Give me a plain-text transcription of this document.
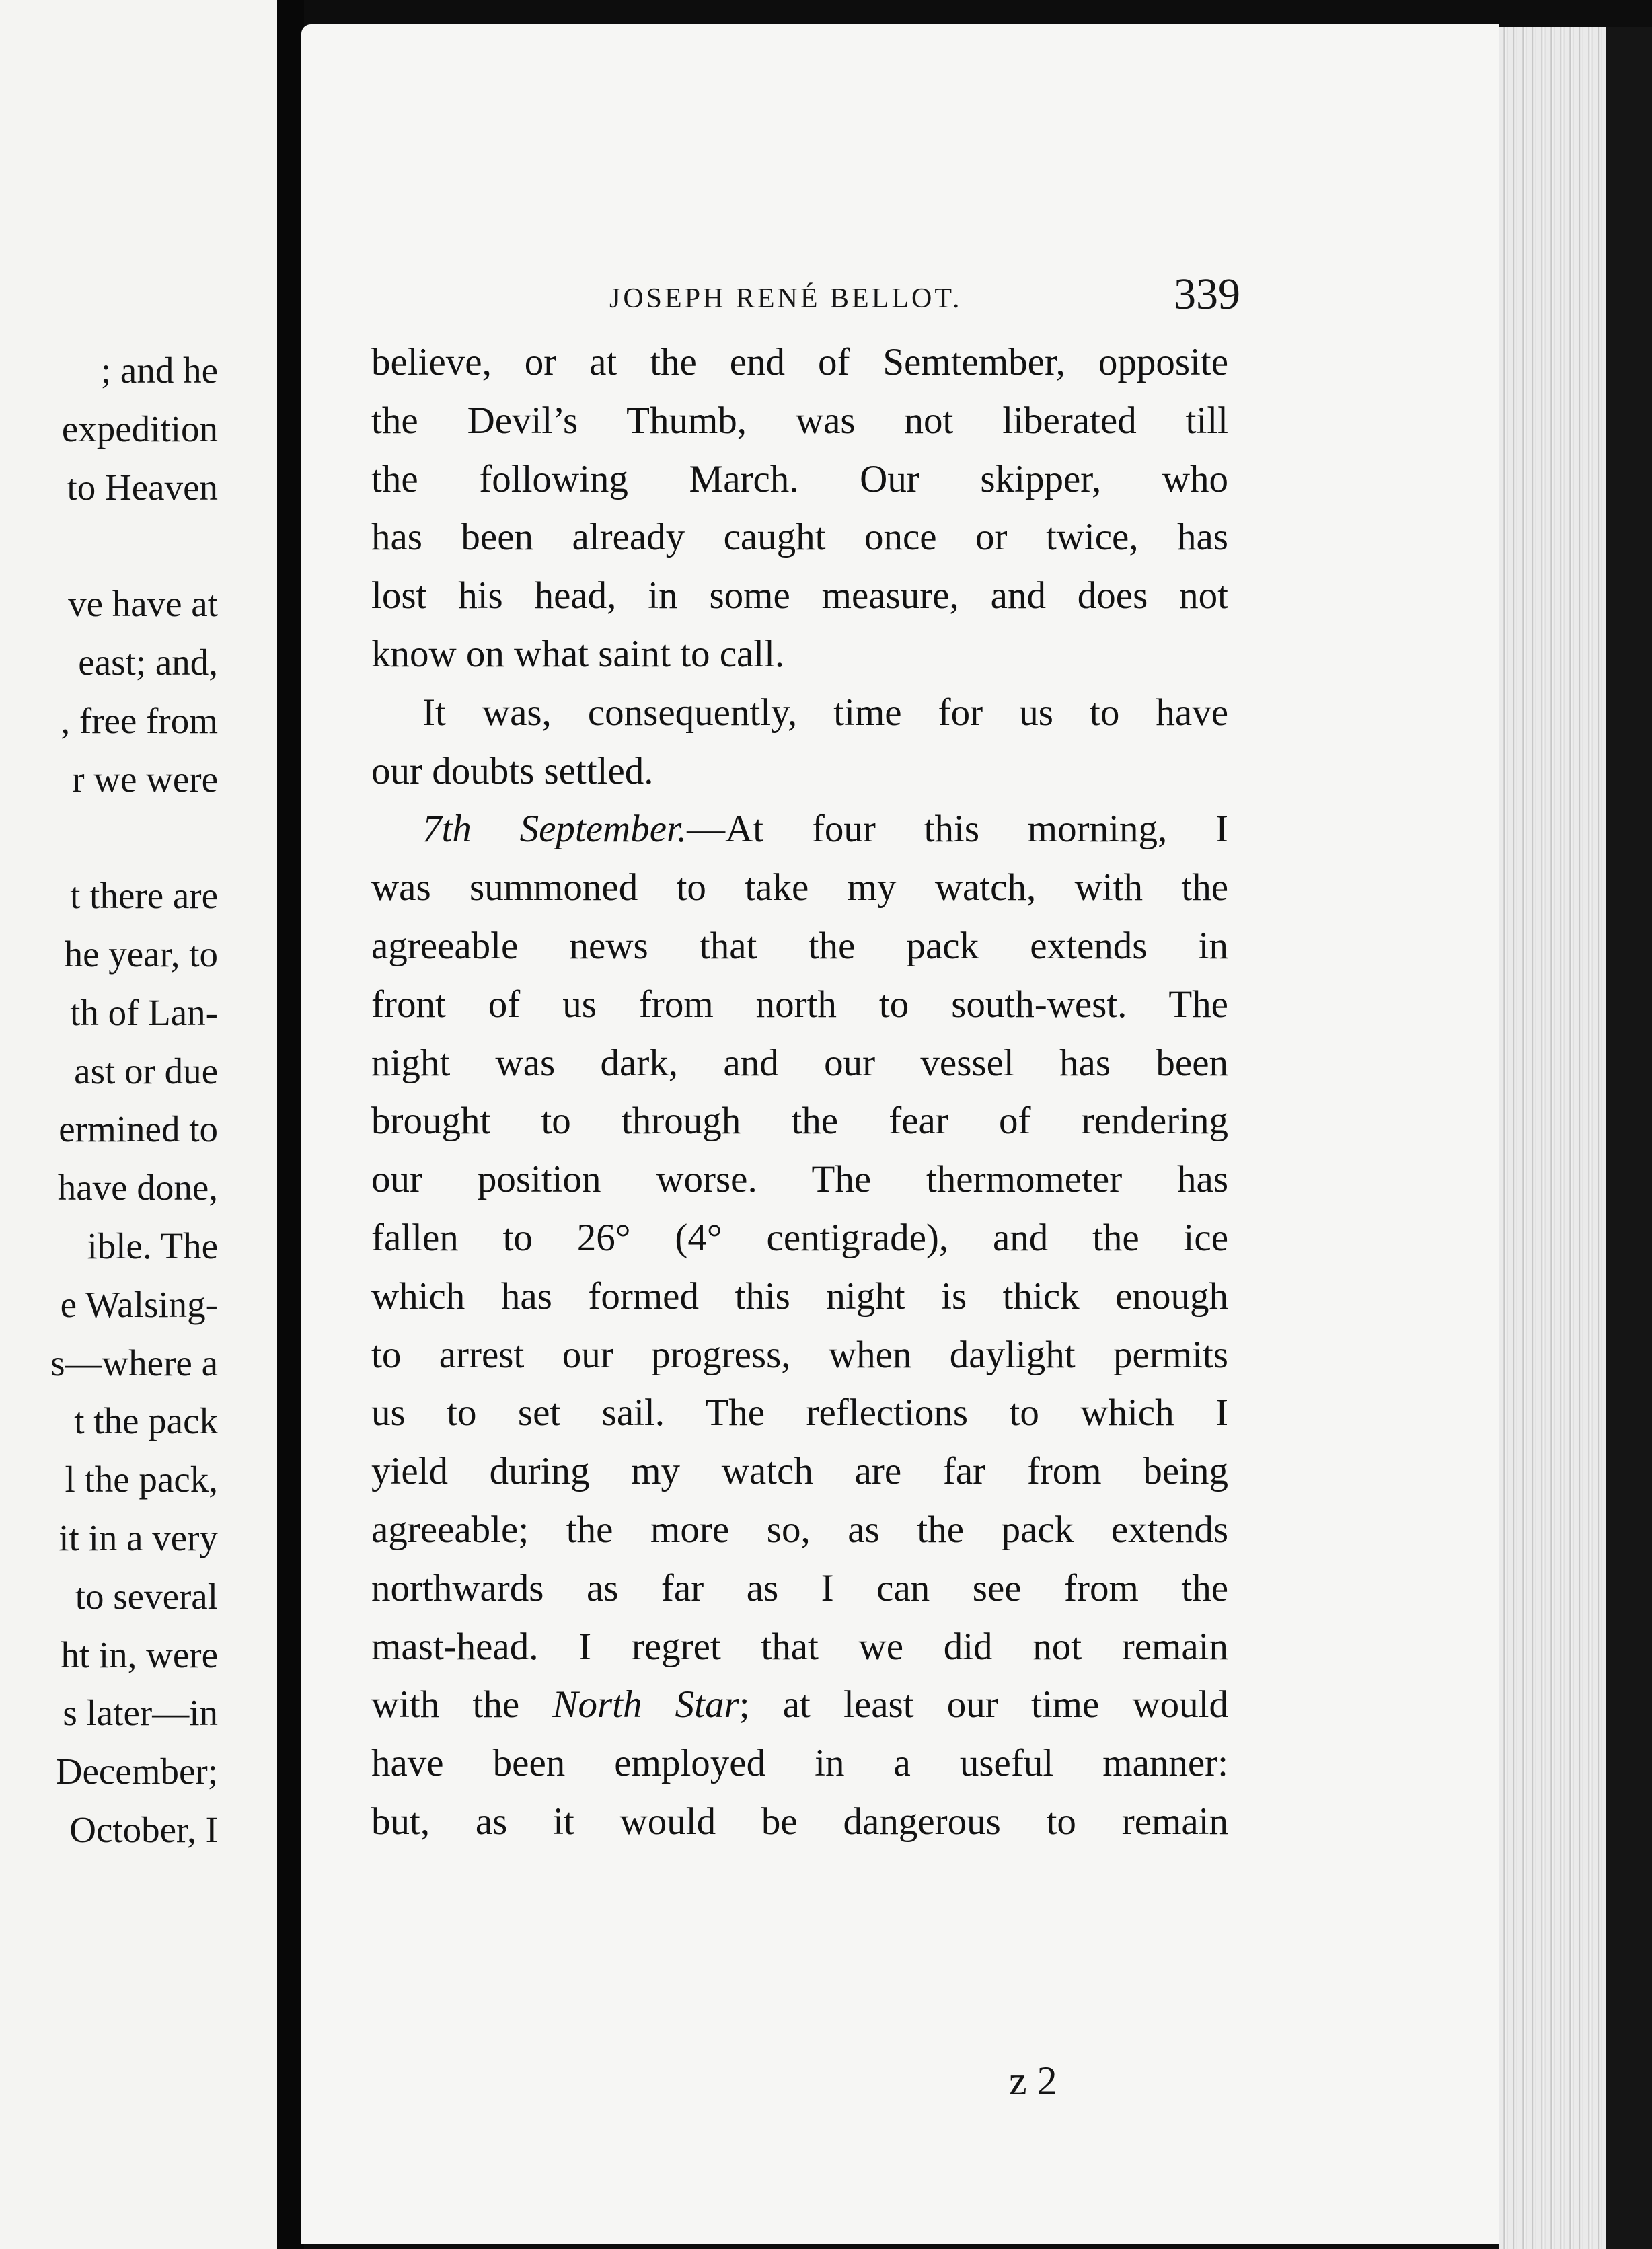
; and he
expedition
to Heaven
ve have at
east; and,
, free from
r we were
t there are
he year, to
th of Lan-
ast or due
ermined to
have done,
ible. The
e Walsing-
s—where a
t the pack
l the pack,
it in a very
to several
ht in, were
s later—in
December;
October, I
JOSEPH RENÉ BELLOT.	339
believe, or at the end of Semtember, opposite
the Devil’s Thumb, was not liberated till
the following March. Our skipper, who
has been already caught once or twice, has
lost his head, in some measure, and does not
know on what saint to call.
It was, consequently, time for us to have
our doubts settled.
7th September.—At four this morning, I
was summoned to take my watch, with the
agreeable news that the pack extends in
front of us from north to south-west. The
night was dark, and our vessel has been
brought to through the fear of rendering
our position worse. The thermometer has
fallen to 26° (4° centigrade), and the ice
which has formed this night is thick enough
to arrest our progress, when daylight permits
us to set sail. The reflections to which I
yield during my watch are far from being
agreeable; the more so, as the pack extends
northwards as far as I can see from the
mast-head. I regret that we did not remain
with the North Star; at least our time would
have been employed in a useful manner:
but, as it would be dangerous to remain
z 2
